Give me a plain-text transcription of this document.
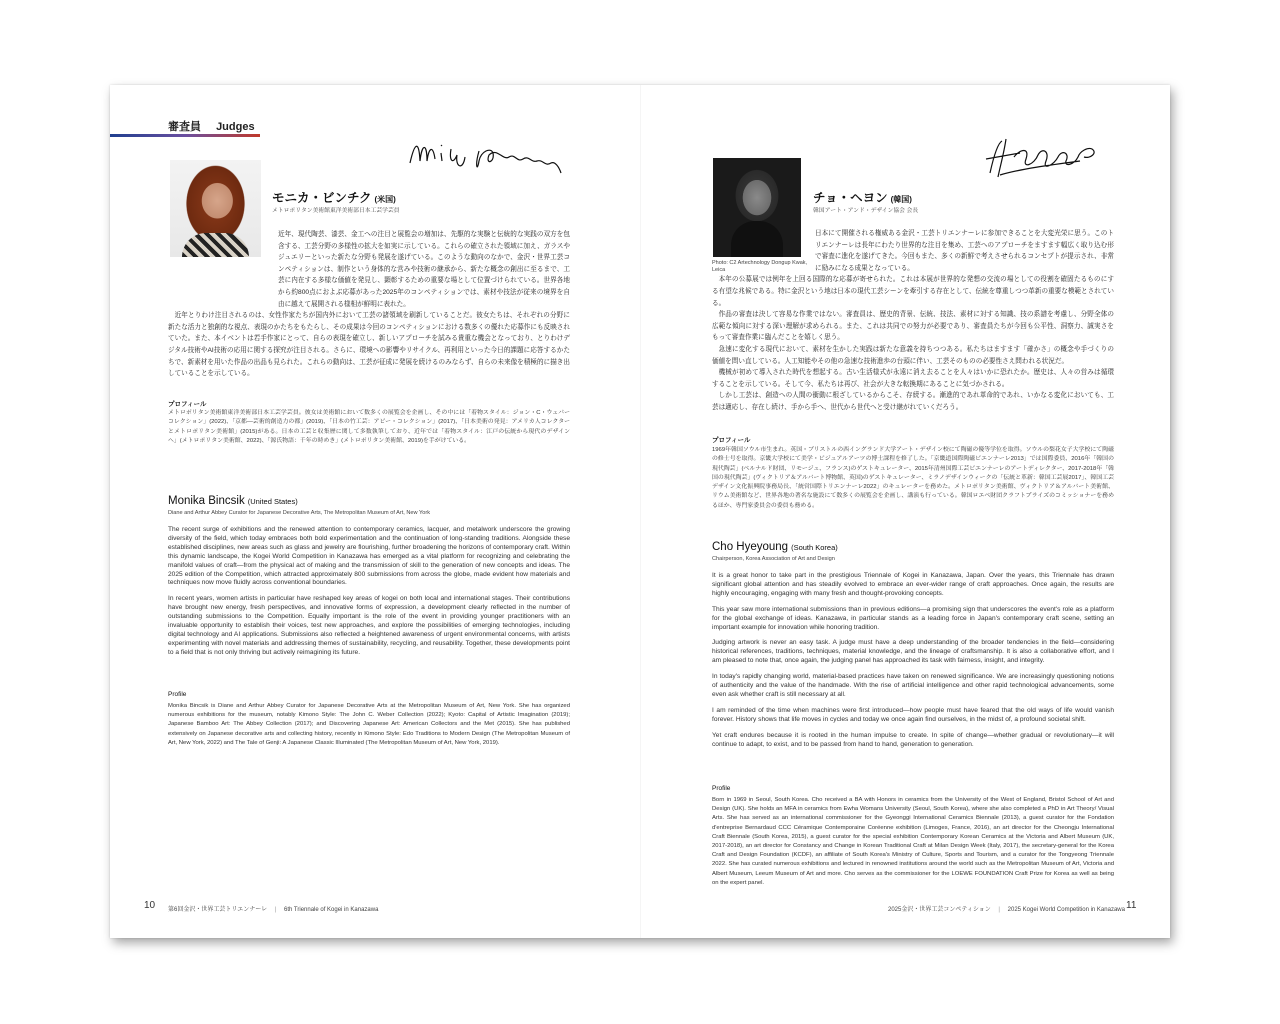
審査員 Judges
モニカ・ビンチク (米国)
メトロポリタン美術館東洋美術部日本工芸学芸員

近年、現代陶芸、漆芸、金工への注目と展覧会の増加は、先駆的な実験と伝統的な実践の双方を包含する、工芸分野の多様性の拡大を如実に示している。これらの確立された領域に加え、ガラスやジュエリーといった新たな分野も発展を遂げている。このような動向のなかで、金沢・世界工芸コンペティションは、制作という身体的な営みや技術の継承から、新たな概念の創出に至るまで、工芸に内在する多様な価値を発見し、顕彰するための重要な場として位置づけられている。世界各地から約800点におよぶ応募があった2025年のコンペティションでは、素材や技法が従来の境界を自由に越えて展開される様相が鮮明に表れた。

近年とりわけ注目されるのは、女性作家たちが国内外において工芸の諸領域を刷新していることだ。彼女たちは、それぞれの分野に新たな活力と独創的な視点、表現のかたちをもたらし、その成果は今回のコンペティションにおける数多くの優れた応募作にも反映されていた。また、本イベントは若手作家にとって、自らの表現を確立し、新しいアプローチを試みる貴重な機会となっており、とりわけデジタル技術やAI技術の応用に関する探究が注目される。さらに、環境への影響やリサイクル、再利用といった今日的課題に応答するかたちで、新素材を用いた作品の出品も見られた。これらの動向は、工芸が征成に発展を続けるのみならず、自らの未来像を積極的に描き出していることを示している。

プロフィール
メトロポリタン美術館東洋美術部日本工芸学芸員。彼女は美術館において数多くの展覧会を企画し、その中には「着物スタイル：ジョン・C・ウェバーコレクション」(2022)、「京都―芸術的創造力の都」(2019)、「日本の竹工芸：アビー・コレクション」(2017)、「日本美術の発見：アメリカ人コレクターとメトロポリタン美術館」(2015)がある。日本の工芸と収集歴に関して多数執筆しており、近年では「着物スタイル：江戸の伝統から現代のデザインへ」(メトロポリタン美術館、2022)、「源氏物語：千年の時めき」(メトロポリタン美術館、2019)を手がけている。
Monika Bincsik (United States)
Diane and Arthur Abbey Curator for Japanese Decorative Arts, The Metropolitan Museum of Art, New York

The recent surge of exhibitions and the renewed attention to contemporary ceramics, lacquer, and metalwork underscore the growing diversity of the field, which today embraces both bold experimentation and the continuation of long-standing traditions. Alongside these established disciplines, new areas such as glass and jewelry are flourishing, further broadening the horizons of contemporary craft. Within this dynamic landscape, the Kogei World Competition in Kanazawa has emerged as a vital platform for recognizing and celebrating the manifold values of craft—from the physical act of making and the transmission of skill to the generation of new concepts and ideas. The 2025 edition of the Competition, which attracted approximately 800 submissions from across the globe, made evident how materials and techniques now move fluidly across conventional boundaries.

In recent years, women artists in particular have reshaped key areas of kogei on both local and international stages. Their contributions have brought new energy, fresh perspectives, and innovative forms of expression, a development clearly reflected in the number of outstanding submissions to the Competition. Equally important is the role of the event in providing younger practitioners with an invaluable opportunity to establish their voices, test new approaches, and explore the possibilities of emerging technologies, including digital technology and AI applications. Submissions also reflected a heightened awareness of urgent environmental concerns, with artists experimenting with novel materials and addressing themes of sustainability, recycling, and reusability. Together, these developments point to a field that is not only thriving but actively reimagining its future.

Profile
Monika Bincsik is Diane and Arthur Abbey Curator for Japanese Decorative Arts at the Metropolitan Museum of Art, New York. She has organized numerous exhibitions for the museum, notably Kimono Style: The John C. Weber Collection (2022); Kyoto: Capital of Artistic Imagination (2019); Japanese Bamboo Art: The Abbey Collection (2017); and Discovering Japanese Art: American Collectors and the Met (2015). She has published extensively on Japanese decorative arts and collecting history, recently in Kimono Style: Edo Traditions to Modern Design (The Metropolitan Museum of Art, New York, 2022) and The Tale of Genji: A Japanese Classic Illuminated (The Metropolitan Museum of Art, New York, 2019).
10 第6回金沢・世界工芸トリエンナーレ | 6th Triennale of Kogei in Kanazawa
Photo: C2 Artechnology Dongup Kwak, Leica
チョ・ヘヨン (韓国)
韓国アート・アンド・デザイン協会 会長

日本にて開催される権威ある金沢・工芸トリエンナーレに参加できることを大変光栄に思う。このトリエンナーレは長年にわたり世界的な注目を集め、工芸へのアプローチをますます幅広く取り込む形で審査に進化を遂げてきた。今回もまた、多くの新鮮で考えさせられるコンセプトが提示され、非常に励みになる成果となっている。

本年の公募展では例年を上回る国際的な応募が寄せられた。これは本展が世界的な発想の交流の場としての役割を確固たるものにする有望な兆候である。特に金沢という地は日本の現代工芸シーンを牽引する存在として、伝統を尊重しつつ革新の重要な模範とされている。

作品の審査は決して容易な作業ではない。審査員は、歴史的背景、伝統、技法、素材に対する知識、技の系譜を考慮し、分野全体の広範な傾向に対する深い理解が求められる。また、これは共同での努力が必要であり、審査員たちが今回も公平性、洞察力、誠実さをもって審査作業に臨んだことを嬉しく思う。

急速に変化する現代において、素材を生かした実践は新たな意義を持ちつつある。私たちはますます「確かさ」の概念や手づくりの価値を問い直している。人工知能やその他の急速な技術進歩の台頭に伴い、工芸そのものの必要性さえ問われる状況だ。

機械が初めて導入された時代を想起する。古い生活様式が永遠に消え去ることを人々はいかに恐れたか。歴史は、人々の営みは循環することを示している。そして今、私たちは再び、社会が大きな転換期にあることに気づかされる。

しかし工芸は、創造への人間の衝動に根ざしているからこそ、存続する。漸進的であれ革命的であれ、いかなる変化においても、工芸は適応し、存在し続け、手から手へ、世代から世代へと受け継がれていくだろう。

プロフィール
1969年韓国ソウル市生まれ。英国・ブリストルの西イングランド大学アート・デザイン校にて陶磁の優等学位を取得。ソウルの梨花女子大学校にて陶磁の修士号を取得。京畿大学校にて美学・ビジュアルアーツの博士課程を修了した。「京畿道国際陶磁ビエンナーレ2013」では国際委員、2016年「韓国の現代陶芸」(ベルナルド財団、リモージュ、フランス)のゲストキュレーター、2015年清州国際工芸ビエンナーレのアートディレクター、2017-2018年「韓国の現代陶芸」(ヴィクトリア＆アルバート博物館、英国)のゲストキュレーター、ミラノデザインウィークの「伝統と革新：韓国工芸展2017」、韓国工芸デザイン文化振興院事務局長、「統営国際トリエンナーレ2022」のキュレーターを務めた。メトロポリタン美術館、ヴィクトリア＆アルバート美術館、リウム美術館など、世界各地の著名な施設にて数多くの展覧会を企画し、講演も行っている。韓国ロエベ財団クラフトプライズのコミッショナーを務めるほか、専門家委員会の委員も務める。
Cho Hyeyoung (South Korea)
Chairperson, Korea Association of Art and Design

It is a great honor to take part in the prestigious Triennale of Kogei in Kanazawa, Japan. Over the years, this Triennale has drawn significant global attention and has steadily evolved to embrace an ever-wider range of craft approaches. Once again, the results are highly encouraging, engaging with many fresh and thought-provoking concepts.

This year saw more international submissions than in previous editions—a promising sign that underscores the event's role as a platform for the global exchange of ideas. Kanazawa, in particular stands as a leading force in Japan's contemporary craft scene, setting an important example for innovation while honoring tradition.

Judging artwork is never an easy task. A judge must have a deep understanding of the broader tendencies in the field—considering historical references, traditions, techniques, material knowledge, and the lineage of craftsmanship. It is also a collaborative effort, and I am pleased to note that, once again, the judging panel has approached its task with fairness, insight, and integrity.

In today's rapidly changing world, material-based practices have taken on renewed significance. We are increasingly questioning notions of authenticity and the value of the handmade. With the rise of artificial intelligence and other rapid technological advancements, some even ask whether craft is still necessary at all.

I am reminded of the time when machines were first introduced—how people must have feared that the old ways of life would vanish forever. History shows that life moves in cycles and today we once again find ourselves, in the midst of, a profound societal shift.

Yet craft endures because it is rooted in the human impulse to create. In spite of change—whether gradual or revolutionary—it will continue to adapt, to exist, and to be passed from hand to hand, generation to generation.

Profile
Born in 1969 in Seoul, South Korea. Cho received a BA with Honors in ceramics from the University of the West of England, Bristol School of Art and Design (UK). She holds an MFA in ceramics from Ewha Womans University (Seoul, South Korea), where she also completed a PhD in Art Theory/ Visual Arts. She has served as an international commissioner for the Gyeonggi International Ceramics Biennale (2013), a guest curator for the Fondation d'entreprise Bernardaud CCC Céramique Contemporaine Coréenne exhibition (Limoges, France, 2016), an art director for the Cheongju International Craft Biennale (South Korea, 2015), a guest curator for the special exhibition Contemporary Korean Ceramics at the Victoria and Albert Museum (UK, 2017-2018), an art director for Constancy and Change in Korean Traditional Craft at Milan Design Week (Italy, 2017), the secretary-general for the Korea Craft and Design Foundation (KCDF), an affiliate of South Korea's Ministry of Culture, Sports and Tourism, and a curator for the Tongyeong Triennale 2022. She has curated numerous exhibitions and lectured in renowned institutions around the world such as the Metropolitan Museum of Art, Victoria and Albert Museum, Leeum Museum of Art and more. Cho serves as the commissioner for the LOEWE FOUNDATION Craft Prize for Korea as well as being on the expert panel.
2025金沢・世界工芸コンペティション | 2025 Kogei World Competition in Kanazawa 11
